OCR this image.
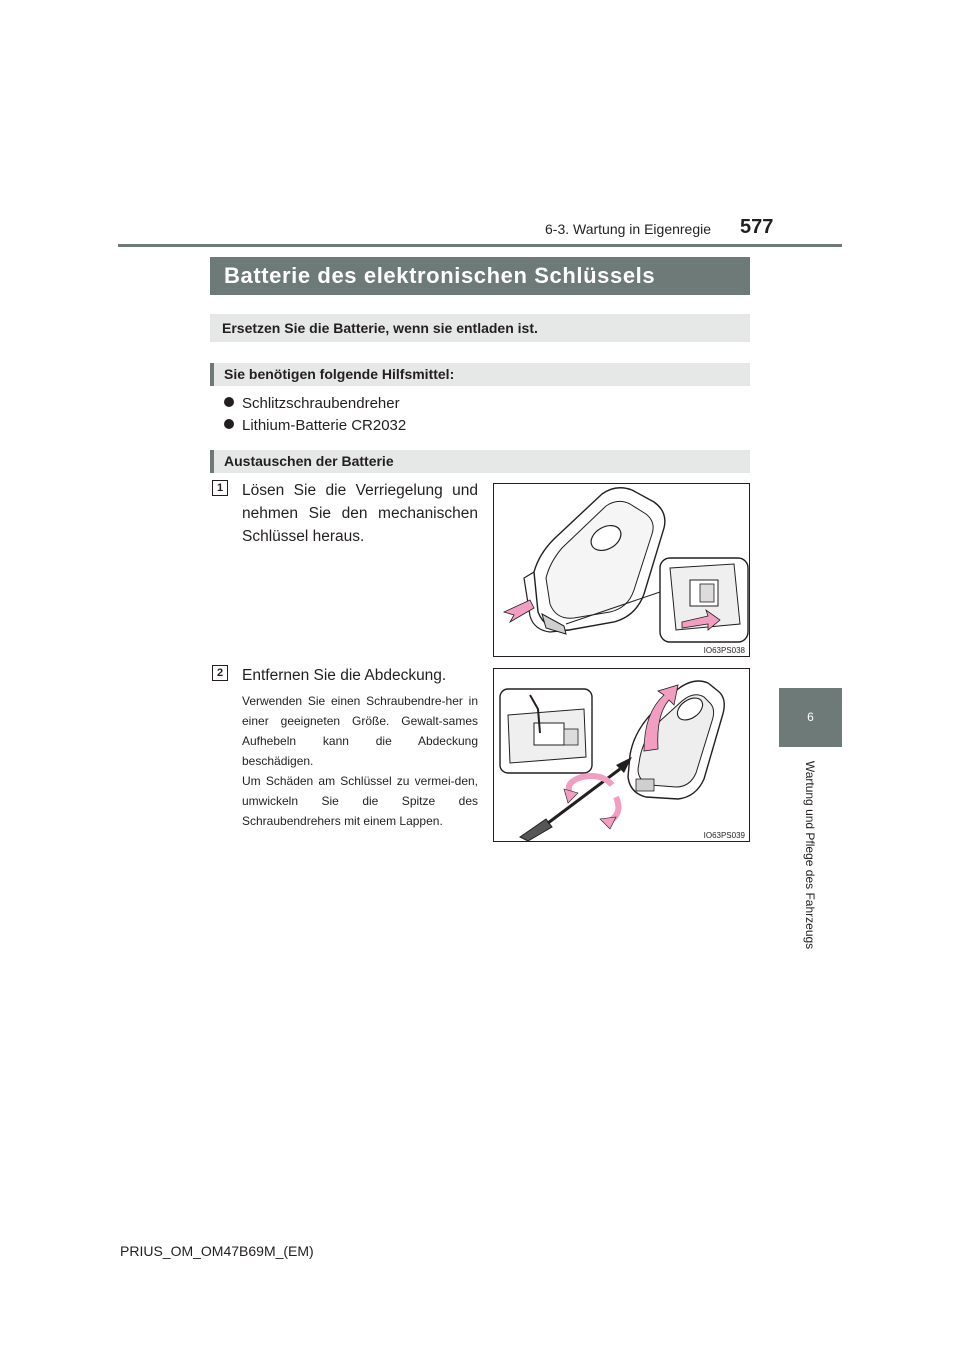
6-3. Wartung in Eigenregie 577
6
Wartung und Pflege des Fahrzeugs
Batterie des elektronischen Schlüssels
Ersetzen Sie die Batterie, wenn sie entladen ist.
Sie benötigen folgende Hilfsmittel:
Schlitzschraubendreher
Lithium-Batterie CR2032
Austauschen der Batterie
1	Lösen Sie die Verriegelung und nehmen Sie den mechanischen Schlüssel heraus.
IO63PS038
2	Entfernen Sie die Abdeckung.
Verwenden Sie einen Schraubendre-her in einer geeigneten Größe. Gewalt-sames Aufhebeln kann die Abdeckung beschädigen.
Um Schäden am Schlüssel zu vermei-den, umwickeln Sie die Spitze des Schraubendrehers mit einem Lappen.
IO63PS039
PRIUS_OM_OM47B69M_(EM)
